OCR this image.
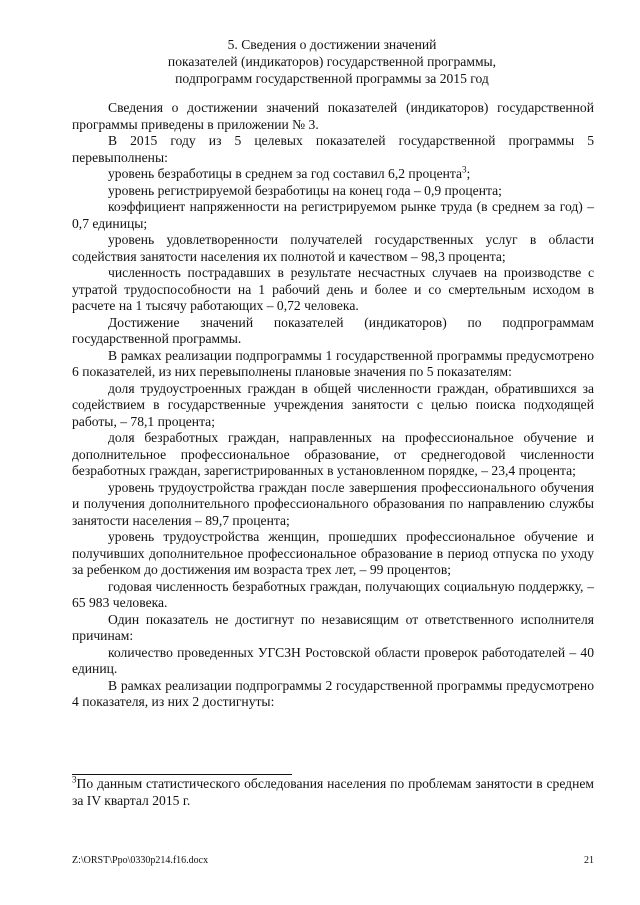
5. Сведения о достижении значений
показателей (индикаторов) государственной программы,
подпрограмм государственной программы за 2015 год

Сведения о достижении значений показателей (индикаторов) государственной программы приведены в приложении № 3.

В 2015 году из 5 целевых показателей государственной программы 5 перевыполнены:

уровень безработицы в среднем за год составил 6,2 процента$^3$;

уровень регистрируемой безработицы на конец года – 0,9 процента;

коэффициент напряженности на регистрируемом рынке труда (в среднем за год) – 0,7 единицы;

уровень удовлетворенности получателей государственных услуг в области содействия занятости населения их полнотой и качеством – 98,3 процента;

численность пострадавших в результате несчастных случаев на производстве с утратой трудоспособности на 1 рабочий день и более и со смертельным исходом в расчете на 1 тысячу работающих – 0,72 человека.

Достижение значений показателей (индикаторов) по подпрограммам государственной программы.

В рамках реализации подпрограммы 1 государственной программы предусмотрено 6 показателей, из них перевыполнены плановые значения по 5 показателям:

доля трудоустроенных граждан в общей численности граждан, обратившихся за содействием в государственные учреждения занятости с целью поиска подходящей работы, – 78,1 процента;

доля безработных граждан, направленных на профессиональное обучение и дополнительное профессиональное образование, от среднегодовой численности безработных граждан, зарегистрированных в установленном порядке, – 23,4 процента;

уровень трудоустройства граждан после завершения профессионального обучения и получения дополнительного профессионального образования по направлению службы занятости населения – 89,7 процента;

уровень трудоустройства женщин, прошедших профессиональное обучение и получивших дополнительное профессиональное образование в период отпуска по уходу за ребенком до достижения им возраста трех лет, – 99 процентов;

годовая численность безработных граждан, получающих социальную поддержку, – 65 983 человека.

Один показатель не достигнут по независящим от ответственного исполнителя причинам:

количество проведенных УГСЗН Ростовской области проверок работодателей – 40 единиц.

В рамках реализации подпрограммы 2 государственной программы предусмотрено 4 показателя, из них 2 достигнуты:

$^3$По данным статистического обследования населения по проблемам занятости в среднем за IV квартал 2015 г.
Z:\ORST\Ppo\0330p214.f16.docx	21
